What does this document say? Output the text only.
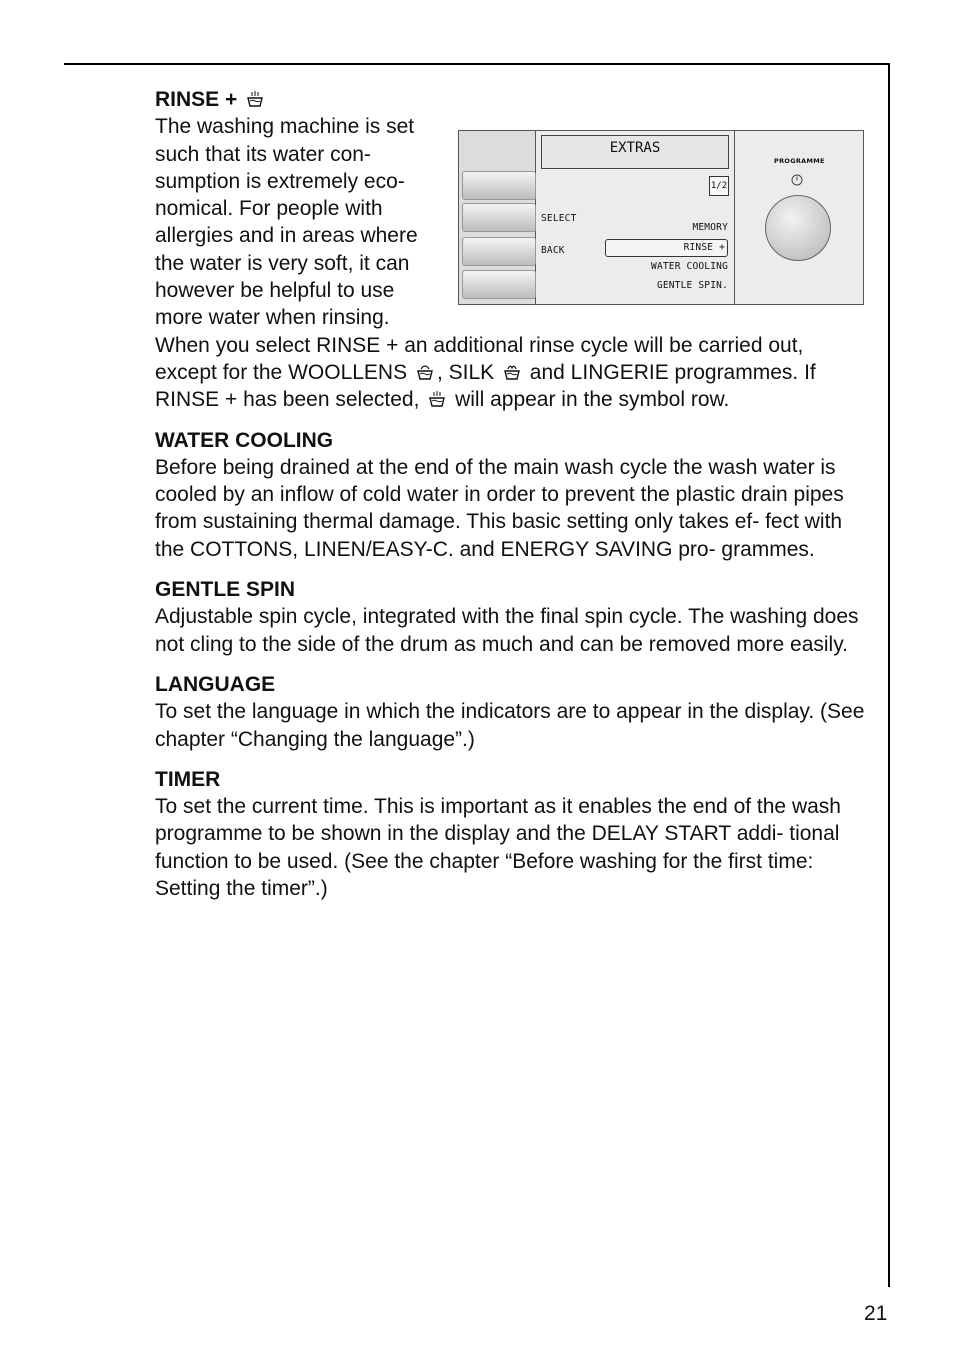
EXTRAS
1/2
SELECT
BACK
MEMORY
RINSE +
WATER COOLING
GENTLE SPIN.
PROGRAMME
RINSE +
The washing machine is set such that its water con- sumption is extremely eco- nomical. For people with allergies and in areas where the water is very soft, it can however be helpful to use more water when rinsing.
When you select RINSE + an additional rinse cycle will be carried out, except for the WOOLLENS , SILK  and LINGERIE programmes. If RINSE + has been selected,  will appear in the symbol row.
WATER COOLING
Before being drained at the end of the main wash cycle the wash water is cooled by an inflow of cold water in order to prevent the plastic drain pipes from sustaining thermal damage. This basic setting only takes ef- fect with the COTTONS, LINEN/EASY-C. and ENERGY SAVING pro- grammes.
GENTLE SPIN
Adjustable spin cycle, integrated with the final spin cycle. The washing does not cling to the side of the drum as much and can be removed more easily.
LANGUAGE
To set the language in which the indicators are to appear in the display. (See chapter “Changing the language”.)
TIMER
To set the current time. This is important as it enables the end of the wash programme to be shown in the display and the DELAY START addi- tional function to be used. (See the chapter “Before washing for the first time: Setting the timer”.)
21
